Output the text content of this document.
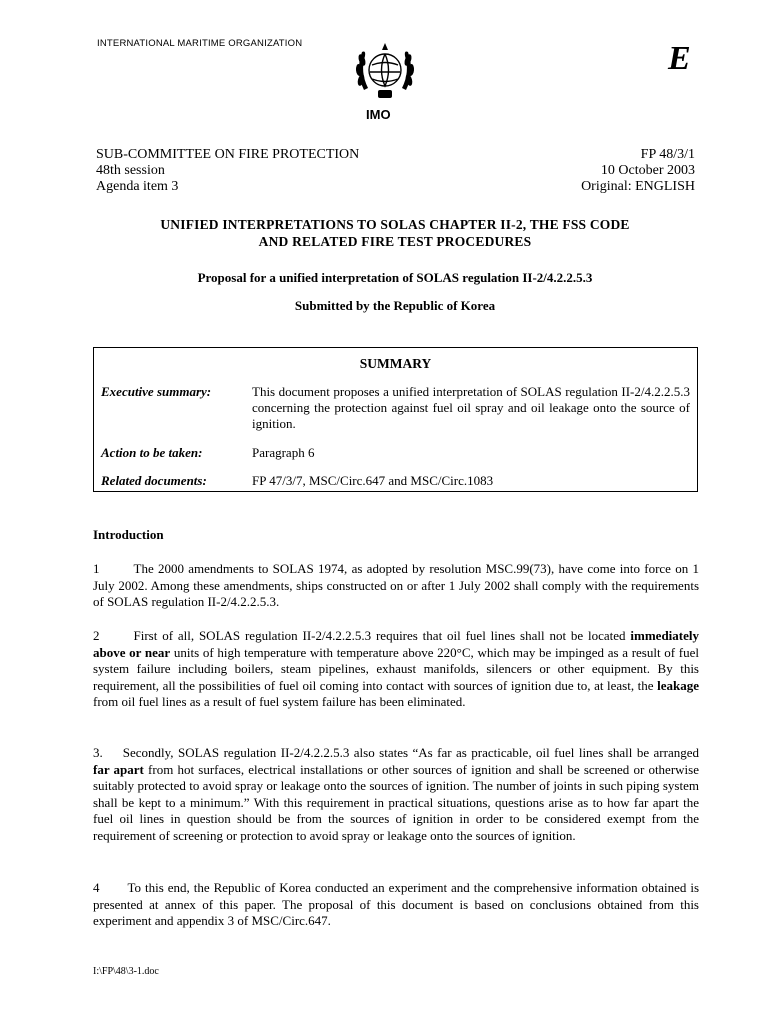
INTERNATIONAL MARITIME ORGANIZATION	E
IMO
SUB-COMMITTEE ON FIRE PROTECTION
48th session
Agenda item 3
FP 48/3/1
10 October 2003
Original: ENGLISH
UNIFIED INTERPRETATIONS TO SOLAS CHAPTER II-2, THE FSS CODE
AND RELATED FIRE TEST PROCEDURES
Proposal for a unified interpretation of SOLAS regulation II-2/4.2.2.5.3
Submitted by the Republic of Korea
SUMMARY
Executive summary:	This document proposes a unified interpretation of SOLAS regulation II-2/4.2.2.5.3 concerning the protection against fuel oil spray and oil leakage onto the source of ignition.
Action to be taken:	Paragraph 6
Related documents:	FP 47/3/7, MSC/Circ.647 and MSC/Circ.1083
Introduction
1	The 2000 amendments to SOLAS 1974, as adopted by resolution MSC.99(73), have come into force on 1 July 2002. Among these amendments, ships constructed on or after 1 July 2002 shall comply with the requirements of SOLAS regulation II-2/4.2.2.5.3.
2	First of all, SOLAS regulation II-2/4.2.2.5.3 requires that oil fuel lines shall not be located immediately above or near units of high temperature with temperature above 220°C, which may be impinged as a result of fuel system failure including boilers, steam pipelines, exhaust manifolds, silencers or other equipment. By this requirement, all the possibilities of fuel oil coming into contact with sources of ignition due to, at least, the leakage from oil fuel lines as a result of fuel system failure has been eliminated.
3. Secondly, SOLAS regulation II-2/4.2.2.5.3 also states “As far as practicable, oil fuel lines shall be arranged far apart from hot surfaces, electrical installations or other sources of ignition and shall be screened or otherwise suitably protected to avoid spray or leakage onto the sources of ignition. The number of joints in such piping system shall be kept to a minimum.” With this requirement in practical situations, questions arise as to how far apart the fuel oil lines in question should be from the sources of ignition in order to be considered exempt from the requirement of screening or protection to avoid spray or leakage onto the sources of ignition.
4 To this end, the Republic of Korea conducted an experiment and the comprehensive information obtained is presented at annex of this paper. The proposal of this document is based on conclusions obtained from this experiment and appendix 3 of MSC/Circ.647.
I:\FP\48\3-1.doc
